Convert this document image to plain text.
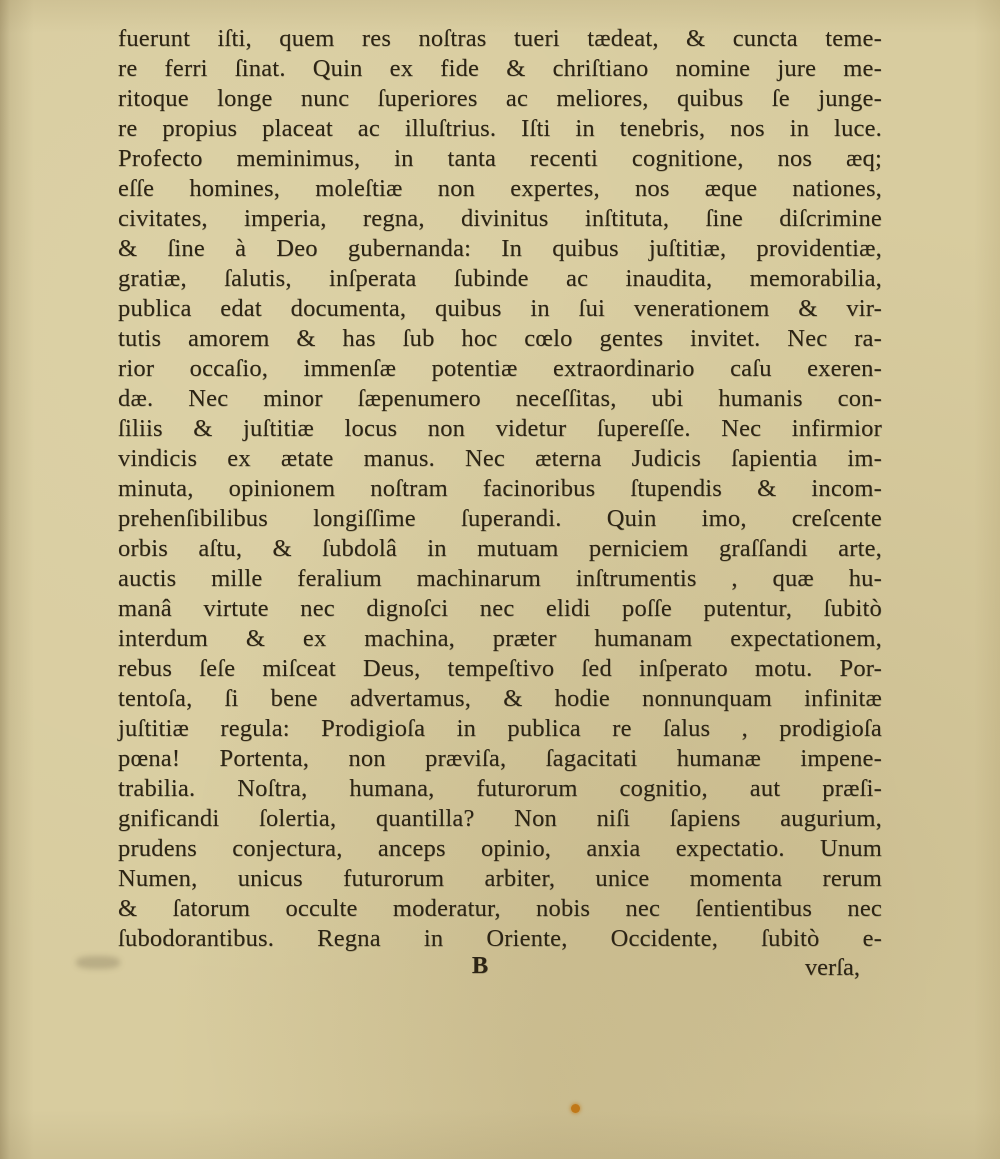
fuerunt iſti, quem res noſtras tueri tædeat, & cuncta teme-
re ferri ſinat. Quin ex fide & chriſtiano nomine jure me-
ritoque longe nunc ſuperiores ac meliores, quibus ſe junge-
re propius placeat ac illuſtrius. Iſti in tenebris, nos in luce.
Profecto meminimus, in tanta recenti cognitione, nos æq;
eſſe homines, moleſtiæ non expertes, nos æque nationes,
civitates, imperia, regna, divinitus inſtituta, ſine diſcrimine
& ſine à Deo gubernanda: In quibus juſtitiæ, providentiæ,
gratiæ, ſalutis, inſperata ſubinde ac inaudita, memorabilia,
publica edat documenta, quibus in ſui venerationem & vir-
tutis amorem & has ſub hoc cœlo gentes invitet. Nec ra-
rior occaſio, immenſæ potentiæ extraordinario caſu exeren-
dæ. Nec minor ſæpenumero neceſſitas, ubi humanis con-
ſiliis & juſtitiæ locus non videtur ſupereſſe. Nec infirmior
vindicis ex ætate manus. Nec æterna Judicis ſapientia im-
minuta, opinionem noſtram facinoribus ſtupendis & incom-
prehenſibilibus longiſſime ſuperandi. Quin imo, creſcente
orbis aſtu, & ſubdolâ in mutuam perniciem graſſandi arte,
auctis mille feralium machinarum inſtrumentis , quæ hu-
manâ virtute nec dignoſci nec elidi poſſe putentur, ſubitò
interdum & ex machina, præter humanam expectationem,
rebus ſeſe miſceat Deus, tempeſtivo ſed inſperato motu. Por-
tentoſa, ſi bene advertamus, & hodie nonnunquam infinitæ
juſtitiæ regula: Prodigioſa in publica re ſalus , prodigioſa
pœna! Portenta, non præviſa, ſagacitati humanæ impene-
trabilia. Noſtra, humana, futurorum cognitio, aut præſi-
gnificandi ſolertia, quantilla? Non niſi ſapiens augurium,
prudens conjectura, anceps opinio, anxia expectatio. Unum
Numen, unicus futurorum arbiter, unice momenta rerum
& ſatorum occulte moderatur, nobis nec ſentientibus nec
ſubodorantibus. Regna in Oriente, Occidente, ſubitò e-
B	verſa,
